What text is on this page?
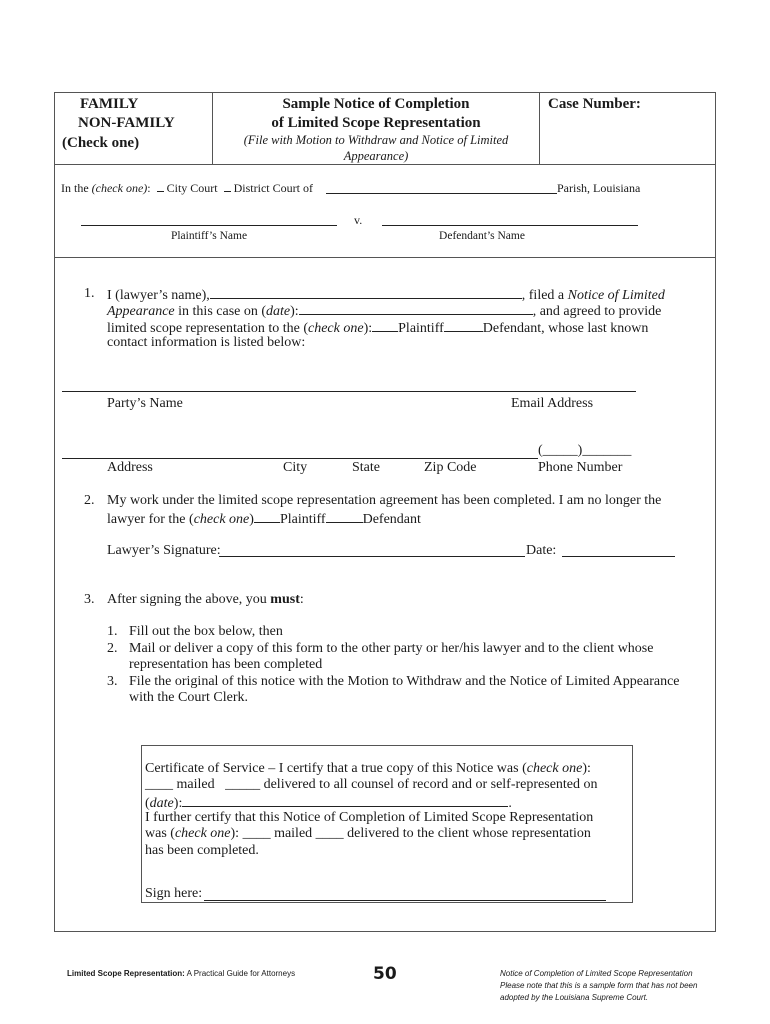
FAMILY
NON-FAMILY
(Check one)
Sample Notice of Completion
of Limited Scope Representation
(File with Motion to Withdraw and Notice of Limited
Appearance)
Case Number:
In the (check one): City Court District Court of	Parish, Louisiana
v.
Plaintiff’s Name	Defendant’s Name
1. I (lawyer’s name),	, filed a Notice of Limited
Appearance in this case on (date):	, and agreed to provide
limited scope representation to the (check one): Plaintiff	Defendant, whose last known
contact information is listed below:
Party’s Name	Email Address
(_____)_______
Address	City	State	Zip Code	Phone Number
2. My work under the limited scope representation agreement has been completed. I am no longer the
lawyer for the (check one) Plaintiff	Defendant
Lawyer’s Signature:	Date:
3. After signing the above, you must:
1. Fill out the box below, then
2. Mail or deliver a copy of this form to the other party or her/his lawyer and to the client whose
representation has been completed
3. File the original of this notice with the Motion to Withdraw and the Notice of Limited Appearance
with the Court Clerk.
Certificate of Service – I certify that a true copy of this Notice was (check one):
____ mailed   _____ delivered to all counsel of record and or self-represented on
(date):	.
I further certify that this Notice of Completion of Limited Scope Representation
was (check one): ____ mailed ____ delivered to the client whose representation
has been completed.
Sign here:
Limited Scope Representation: A Practical Guide for Attorneys	50	Notice of Completion of Limited Scope Representation
Please note that this is a sample form that has not been
adopted by the Louisiana Supreme Court.
